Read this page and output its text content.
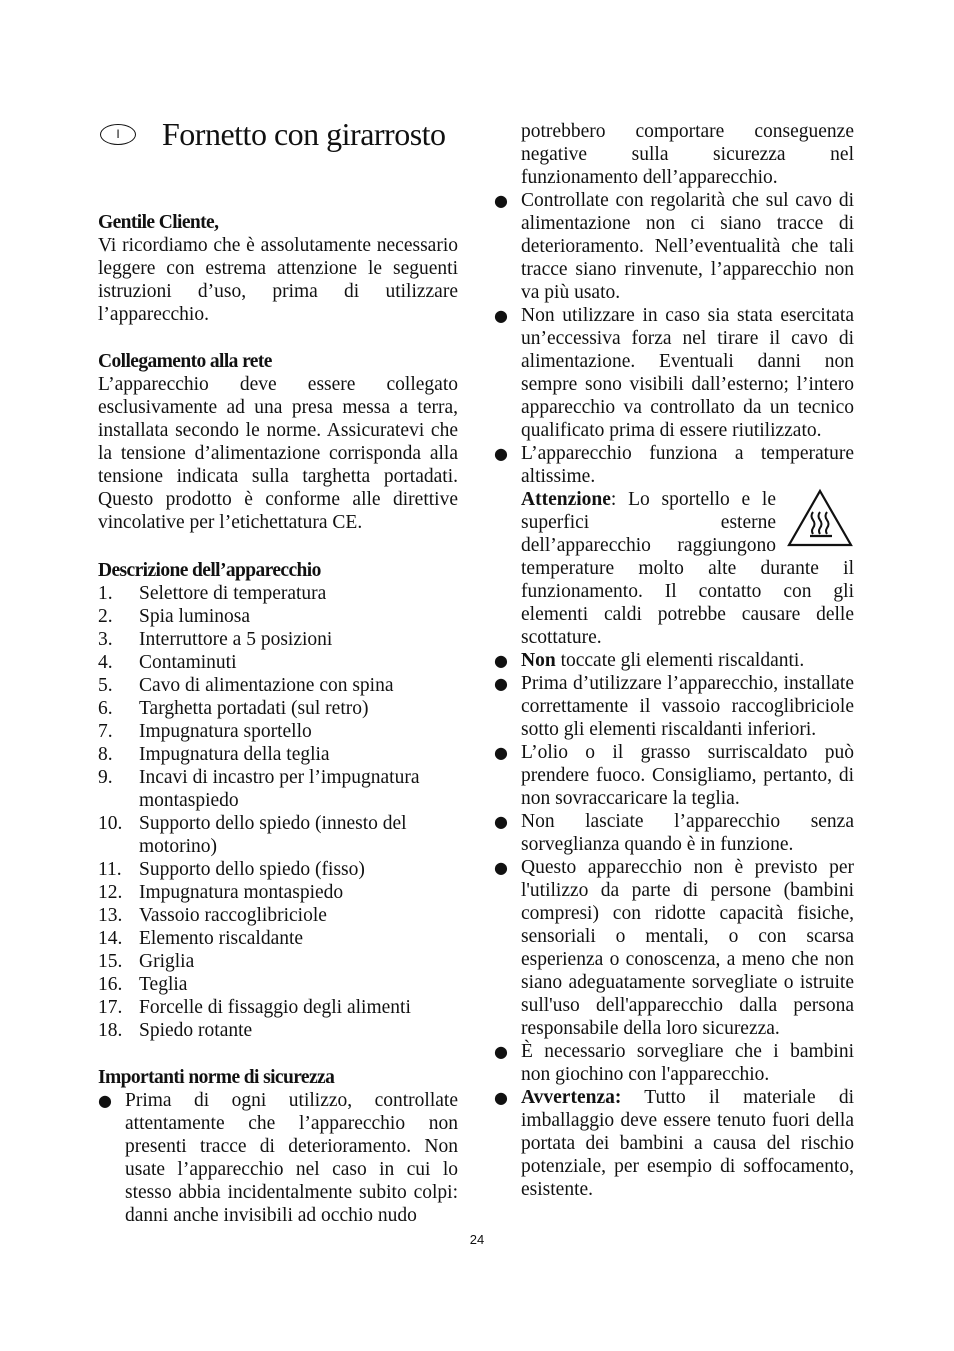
I	Fornetto con girarrosto

Gentile Cliente,

Vi ricordiamo che è assolutamente necessario leggere con estrema attenzione le seguenti istruzioni d’uso, prima di utilizzare l’apparecchio.

Collegamento alla rete

L’apparecchio deve essere collegato esclusivamente ad una presa messa a terra, installata secondo le norme. Assicuratevi che la tensione d’alimentazione corrisponda alla tensione indicata sulla targhetta portadati. Questo prodotto è conforme alle direttive vincolative per l’etichettatura CE.

Descrizione dell’apparecchio

1.	Selettore di temperatura
2.	Spia luminosa
3.	Interruttore a 5 posizioni
4.	Contaminuti
5.	Cavo di alimentazione con spina
6.	Targhetta portadati (sul retro)
7.	Impugnatura sportello
8.	Impugnatura della teglia
9.	Incavi di incastro per l’impugnatura montaspiedo
10. Supporto dello spiedo (innesto del motorino)
11. Supporto dello spiedo (fisso)
12. Impugnatura montaspiedo
13. Vassoio raccoglibriciole
14. Elemento riscaldante
15. Griglia
16. Teglia
17. Forcelle di fissaggio degli alimenti
18. Spiedo rotante

Importanti norme di sicurezza

● Prima di ogni utilizzo, controllate attentamente che l’apparecchio non presenti tracce di deterioramento. Non usate l’apparecchio nel caso in cui lo stesso abbia incidentalmente subito colpi: danni anche invisibili ad occhio nudo
potrebbero comportare conseguenze negative sulla sicurezza nel funzionamento dell’apparecchio.
● Controllate con regolarità che sul cavo di alimentazione non ci siano tracce di deterioramento. Nell’eventualità che tali tracce siano rinvenute, l’apparecchio non va più usato.
● Non utilizzare in caso sia stata esercitata un’eccessiva forza nel tirare il cavo di alimentazione. Eventuali danni non sempre sono visibili dall’esterno; l’intero apparecchio va controllato da un tecnico qualificato prima di essere riutilizzato.
● L’apparecchio funziona a temperature altissime.

Attenzione: Lo sportello e le superfici esterne dell’apparecchio raggiungono temperature molto alte durante il funzionamento. Il contatto con gli elementi caldi potrebbe causare delle scottature.

● Non toccate gli elementi riscaldanti.
● Prima d’utilizzare l’apparecchio, installate correttamente il vassoio raccoglibriciole sotto gli elementi riscaldanti inferiori.
● L’olio o il grasso surriscaldato può prendere fuoco. Consigliamo, pertanto, di non sovraccaricare la teglia.
● Non lasciate l’apparecchio senza sorveglianza quando è in funzione.
● Questo apparecchio non è previsto per l'utilizzo da parte di persone (bambini compresi) con ridotte capacità fisiche, sensoriali o mentali, o con scarsa esperienza o conoscenza, a meno che non siano adeguatamente sorvegliate o istruite sull'uso dell'apparecchio dalla persona responsabile della loro sicurezza.
● È necessario sorvegliare che i bambini non giochino con l'apparecchio.
● Avvertenza: Tutto il materiale di imballaggio deve essere tenuto fuori della portata dei bambini a causa del rischio potenziale, per esempio di soffocamento, esistente.
24
